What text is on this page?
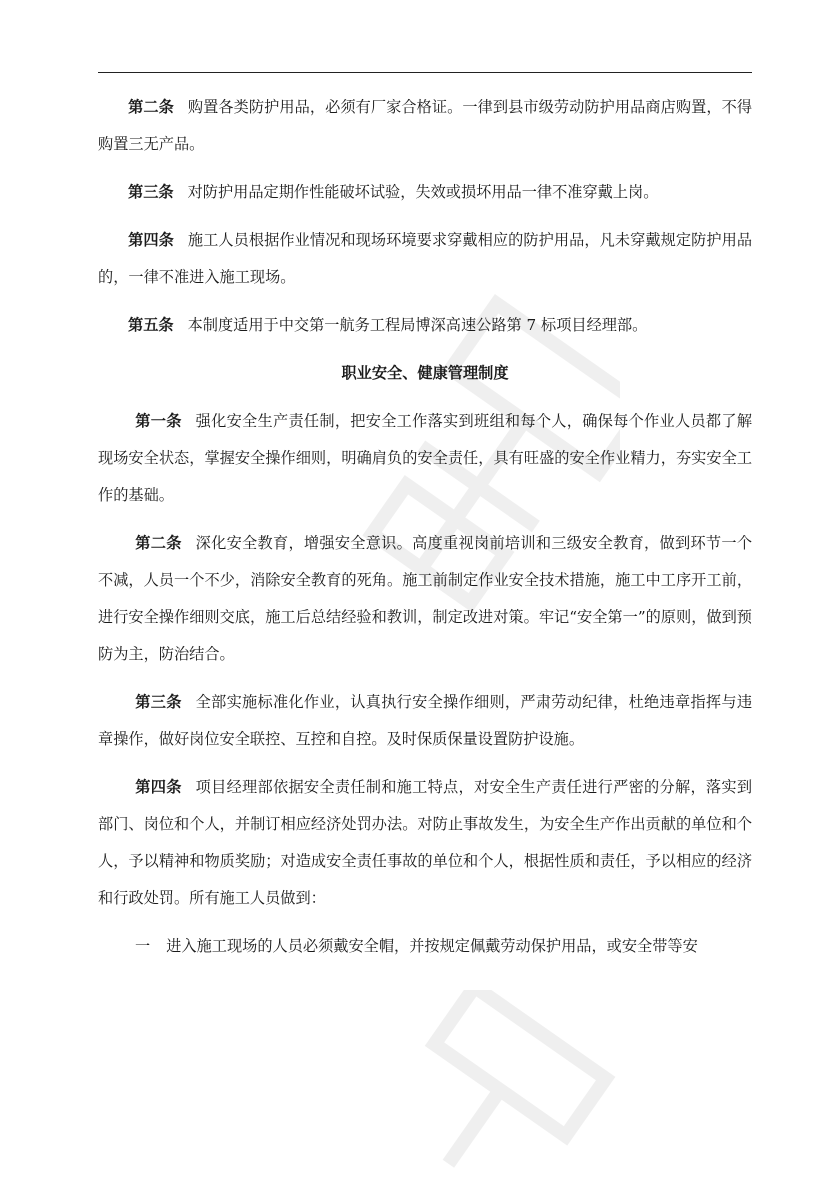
第二条 购置各类防护用品，必须有厂家合格证。一律到县市级劳动防护用品商店购置，不得购置三无产品。

第三条 对防护用品定期作性能破坏试验，失效或损坏用品一律不准穿戴上岗。

第四条 施工人员根据作业情况和现场环境要求穿戴相应的防护用品，凡未穿戴规定防护用品的，一律不准进入施工现场。

第五条 本制度适用于中交第一航务工程局博深高速公路第 7 标项目经理部。

职业安全、健康管理制度

第一条 强化安全生产责任制，把安全工作落实到班组和每个人，确保每个作业人员都了解现场安全状态，掌握安全操作细则，明确肩负的安全责任，具有旺盛的安全作业精力，夯实安全工作的基础。

第二条 深化安全教育，增强安全意识。高度重视岗前培训和三级安全教育，做到环节一个不减，人员一个不少，消除安全教育的死角。施工前制定作业安全技术措施，施工中工序开工前，进行安全操作细则交底，施工后总结经验和教训，制定改进对策。牢记“安全第一”的原则，做到预防为主，防治结合。

第三条 全部实施标准化作业，认真执行安全操作细则，严肃劳动纪律，杜绝违章指挥与违章操作，做好岗位安全联控、互控和自控。及时保质保量设置防护设施。

第四条 项目经理部依据安全责任制和施工特点，对安全生产责任进行严密的分解，落实到部门、岗位和个人，并制订相应经济处罚办法。对防止事故发生，为安全生产作出贡献的单位和个人，予以精神和物质奖励；对造成安全责任事故的单位和个人，根据性质和责任，予以相应的经济和行政处罚。所有施工人员做到：

一 进入施工现场的人员必须戴安全帽，并按规定佩戴劳动保护用品，或安全带等安
